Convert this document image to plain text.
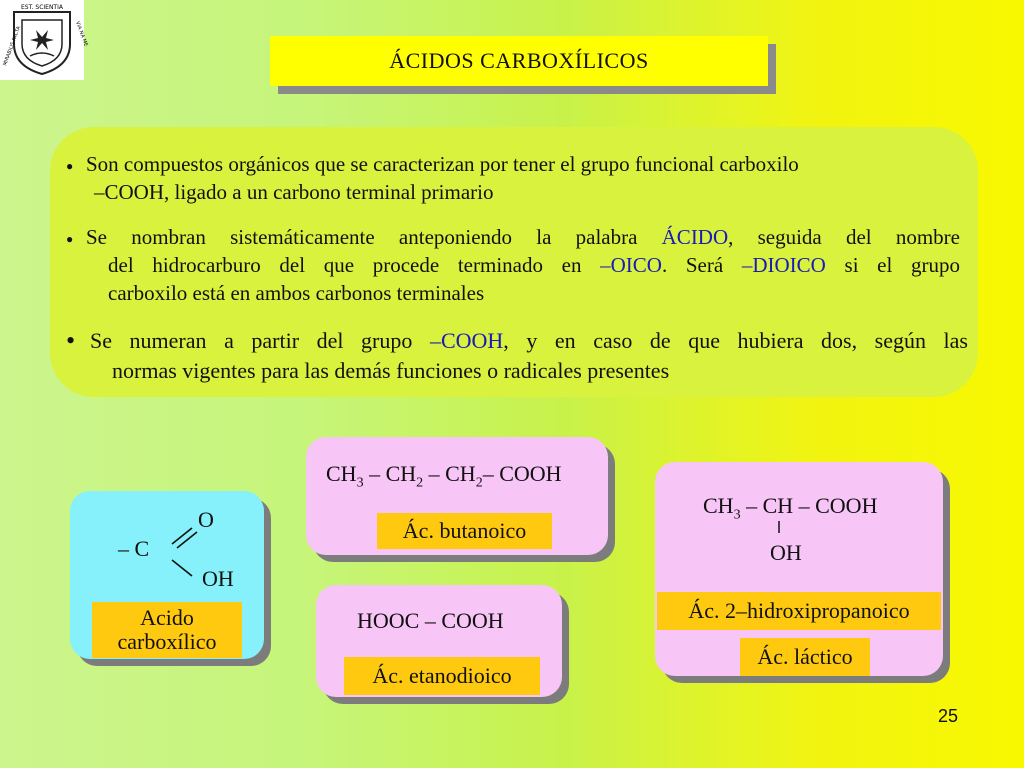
EST. SCIENTIA
MIRABILIS FACTA	VIA NA ME
ÁCIDOS CARBOXÍLICOS
● Son compuestos orgánicos que se caracterizan por tener el grupo funcional carboxilo
–COOH, ligado a un carbono terminal primario
● Se nombran sistemáticamente anteponiendo la palabra ÁCIDO, seguida del nombre
del hidrocarburo del que procede terminado en –OICO. Será –DIOICO si el grupo
carboxilo está en ambos carbonos terminales
• Se numeran a partir del grupo –COOH, y en caso de que hubiera dos, según las
normas vigentes para las demás funciones o radicales presentes
– C
O
OH
Acido carboxílico
$CH_3 - CH_2 - CH_2-$ COOH
Ác. butanoico
HOOC – COOH
Ác. etanodioico
$CH_3$ – CH – COOH
OH
Ác. 2–hidroxipropanoico
Ác. láctico
25
